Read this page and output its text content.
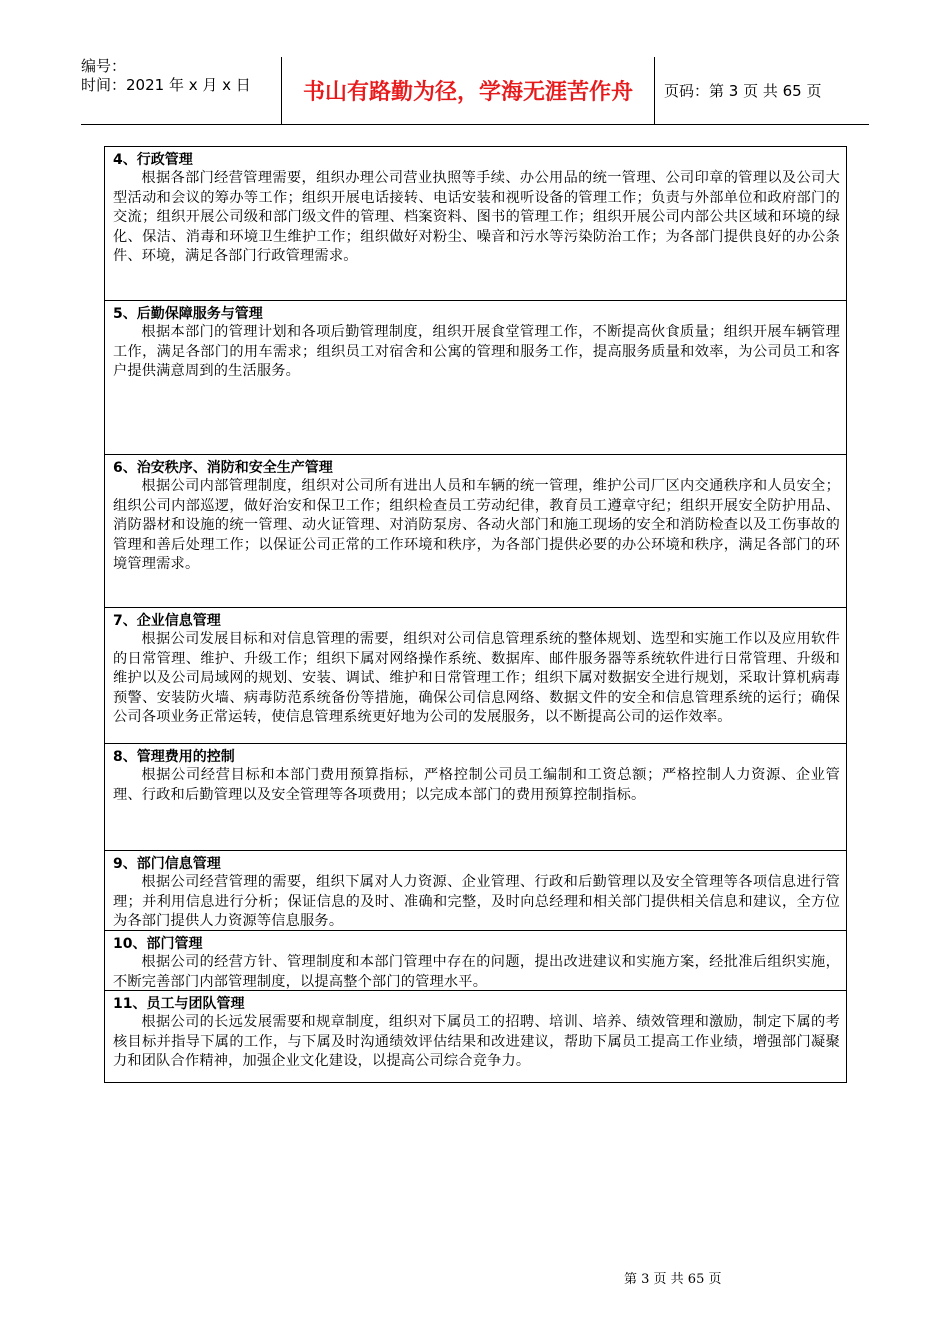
编号：
时间：2021 年 x 月 x 日	书山有路勤为径，学海无涯苦作舟	页码：第 3 页 共 65 页
4、行政管理
根据各部门经营管理需要，组织办理公司营业执照等手续、办公用品的统一管理、公司印章的管理以及公司大型活动和会议的筹办等工作；组织开展电话接转、电话安装和视听设备的管理工作；负责与外部单位和政府部门的交流；组织开展公司级和部门级文件的管理、档案资料、图书的管理工作；组织开展公司内部公共区域和环境的绿化、保洁、消毒和环境卫生维护工作；组织做好对粉尘、噪音和污水等污染防治工作；为各部门提供良好的办公条件、环境，满足各部门行政管理需求。
5、后勤保障服务与管理
根据本部门的管理计划和各项后勤管理制度，组织开展食堂管理工作，不断提高伙食质量；组织开展车辆管理工作，满足各部门的用车需求；组织员工对宿舍和公寓的管理和服务工作，提高服务质量和效率，为公司员工和客户提供满意周到的生活服务。
6、治安秩序、消防和安全生产管理
根据公司内部管理制度，组织对公司所有进出人员和车辆的统一管理，维护公司厂区内交通秩序和人员安全；组织公司内部巡逻，做好治安和保卫工作；组织检查员工劳动纪律，教育员工遵章守纪；组织开展安全防护用品、消防器材和设施的统一管理、动火证管理、对消防泵房、各动火部门和施工现场的安全和消防检查以及工伤事故的管理和善后处理工作；以保证公司正常的工作环境和秩序，为各部门提供必要的办公环境和秩序，满足各部门的环境管理需求。
7、企业信息管理
根据公司发展目标和对信息管理的需要，组织对公司信息管理系统的整体规划、选型和实施工作以及应用软件的日常管理、维护、升级工作；组织下属对网络操作系统、数据库、邮件服务器等系统软件进行日常管理、升级和维护以及公司局域网的规划、安装、调试、维护和日常管理工作；组织下属对数据安全进行规划，采取计算机病毒预警、安装防火墙、病毒防范系统备份等措施，确保公司信息网络、数据文件的安全和信息管理系统的运行；确保公司各项业务正常运转，使信息管理系统更好地为公司的发展服务，以不断提高公司的运作效率。
8、管理费用的控制
根据公司经营目标和本部门费用预算指标，严格控制公司员工编制和工资总额；严格控制人力资源、企业管理、行政和后勤管理以及安全管理等各项费用；以完成本部门的费用预算控制指标。
9、部门信息管理
根据公司经营管理的需要，组织下属对人力资源、企业管理、行政和后勤管理以及安全管理等各项信息进行管理；并利用信息进行分析；保证信息的及时、准确和完整，及时向总经理和相关部门提供相关信息和建议，全方位为各部门提供人力资源等信息服务。
10、部门管理
根据公司的经营方针、管理制度和本部门管理中存在的问题，提出改进建议和实施方案，经批准后组织实施，不断完善部门内部管理制度，以提高整个部门的管理水平。
11、员工与团队管理
根据公司的长远发展需要和规章制度，组织对下属员工的招聘、培训、培养、绩效管理和激励，制定下属的考核目标并指导下属的工作，与下属及时沟通绩效评估结果和改进建议，帮助下属员工提高工作业绩，增强部门凝聚力和团队合作精神，加强企业文化建设，以提高公司综合竞争力。
第 3 页 共 65 页
